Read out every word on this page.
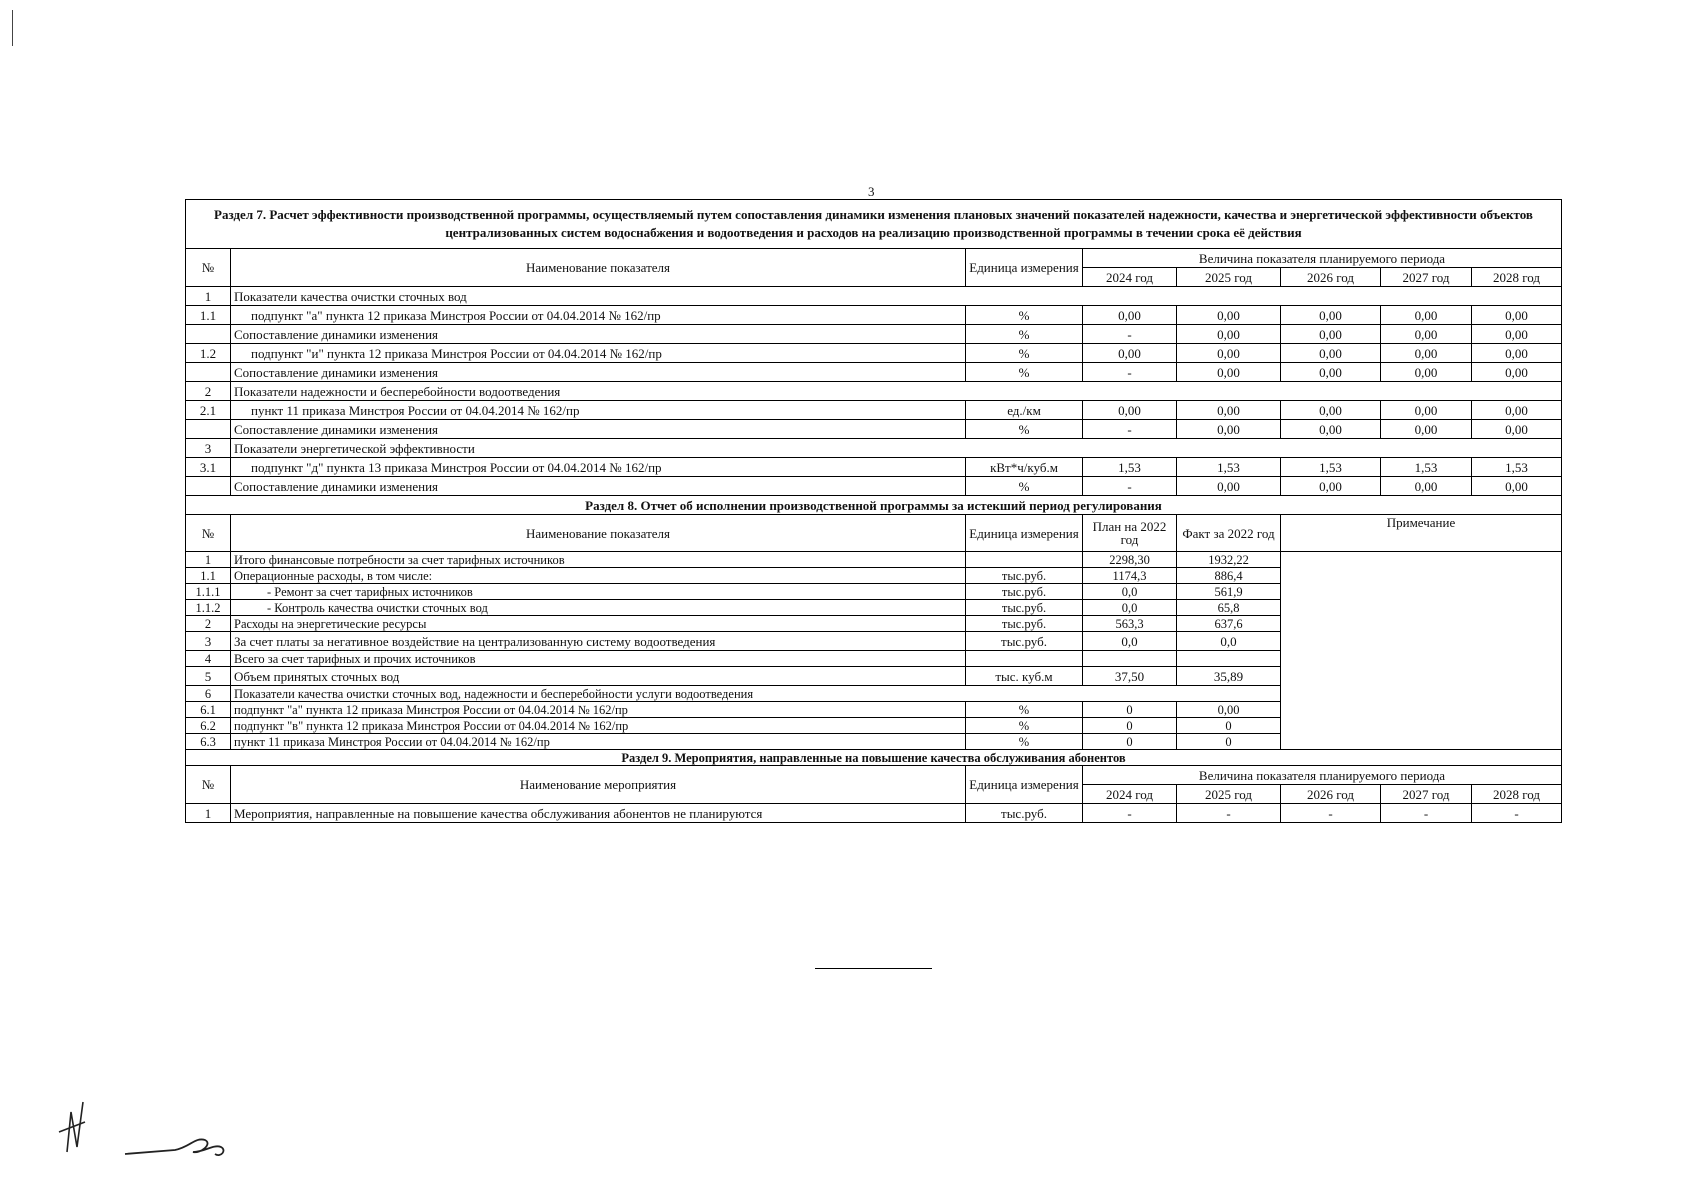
3
Раздел 7. Расчет эффективности производственной программы, осуществляемый путем сопоставления динамики изменения плановых значений показателей надежности, качества и энергетической эффективности объектов централизованных систем водоснабжения и водоотведения и расходов на реализацию производственной программы в течении срока её действия							
№	Наименование показателя	Единица измерения	Величина показателя планируемого периода				
			2024 год	2025 год	2026 год	2027 год	2028 год
1	Показатели качества очистки сточных вод						
1.1	подпункт "а" пункта 12 приказа Минстроя России от 04.04.2014 № 162/пр	%	0,00	0,00	0,00	0,00	0,00
	Сопоставление динамики изменения	%	-	0,00	0,00	0,00	0,00
1.2	подпункт "и" пункта 12 приказа Минстроя России от 04.04.2014 № 162/пр	%	0,00	0,00	0,00	0,00	0,00
	Сопоставление динамики изменения	%	-	0,00	0,00	0,00	0,00
2	Показатели надежности и бесперебойности водоотведения						
2.1	пункт 11 приказа Минстроя России от 04.04.2014 № 162/пр	ед./км	0,00	0,00	0,00	0,00	0,00
	Сопоставление динамики изменения	%	-	0,00	0,00	0,00	0,00
3	Показатели энергетической эффективности						
3.1	подпункт "д" пункта 13 приказа Минстроя России от 04.04.2014 № 162/пр	кВт*ч/куб.м	1,53	1,53	1,53	1,53	1,53
	Сопоставление динамики изменения	%	-	0,00	0,00	0,00	0,00
Раздел 8. Отчет об исполнении производственной программы за истекший период регулирования							
№	Наименование показателя	Единица измерения	План на 2022 год	Факт за 2022 год	Примечание		
1	Итого финансовые потребности за счет тарифных источников		2298,30	1932,22			
1.1	Операционные расходы, в том числе:	тыс.руб.	1174,3	886,4			
1.1.1	- Ремонт за счет тарифных источников	тыс.руб.	0,0	561,9			
1.1.2	- Контроль качества очистки сточных вод	тыс.руб.	0,0	65,8			
2	Расходы на энергетические ресурсы	тыс.руб.	563,3	637,6			
3	За счет платы за негативное воздействие на централизованную систему водоотведения	тыс.руб.	0,0	0,0			
4	Всего за счет тарифных и прочих источников						
5	Объем принятых сточных вод	тыс. куб.м	37,50	35,89			
6	Показатели качества очистки сточных вод, надежности и бесперебойности услуги водоотведения						
6.1	подпункт "а" пункта 12 приказа Минстроя России от 04.04.2014 № 162/пр	%	0	0,00			
6.2	подпункт "в" пункта 12 приказа Минстроя России от 04.04.2014 № 162/пр	%	0	0			
6.3	пункт 11 приказа Минстроя России от 04.04.2014 № 162/пр	%	0	0			
Раздел 9. Мероприятия, направленные на повышение качества обслуживания абонентов							
№	Наименование мероприятия	Единица измерения	Величина показателя планируемого периода				
			2024 год	2025 год	2026 год	2027 год	2028 год
1	Мероприятия, направленные на повышение качества обслуживания абонентов не планируются	тыс.руб.	-	-	-	-	-
